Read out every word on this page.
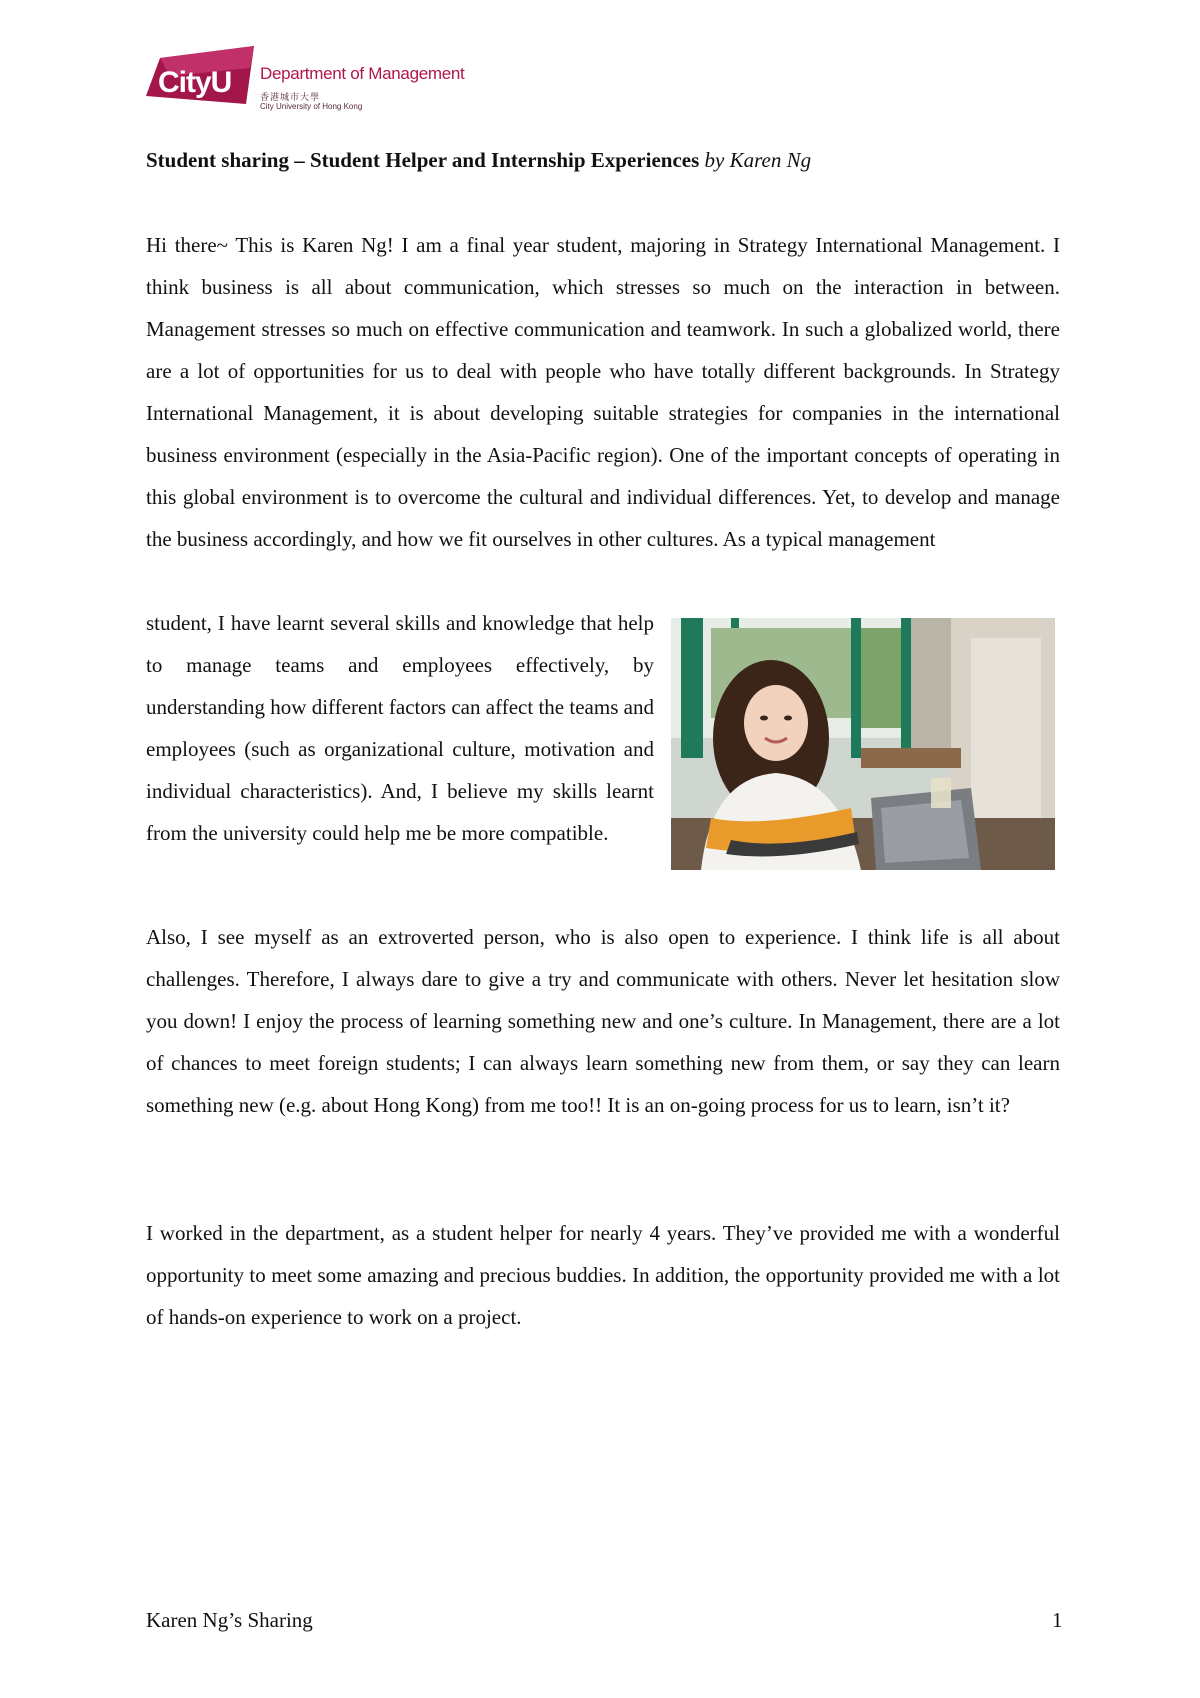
CityU Department of Management
香港城市大學
City University of Hong Kong
Student sharing – Student Helper and Internship Experiences by Karen Ng

Hi there~ This is Karen Ng! I am a final year student, majoring in Strategy International Management. I think business is all about communication, which stresses so much on the interaction in between. Management stresses so much on effective communication and teamwork. In such a globalized world, there are a lot of opportunities for us to deal with people who have totally different backgrounds. In Strategy International Management, it is about developing suitable strategies for companies in the international business environment (especially in the Asia-Pacific region). One of the important concepts of operating in this global environment is to overcome the cultural and individual differences. Yet, to develop and manage the business accordingly, and how we fit ourselves in other cultures. As a typical management

student, I have learnt several skills and knowledge that help to manage teams and employees effectively, by understanding how different factors can affect the teams and employees (such as organizational culture, motivation and individual characteristics). And, I believe my skills learnt from the university could help me be more compatible.

Also, I see myself as an extroverted person, who is also open to experience. I think life is all about challenges. Therefore, I always dare to give a try and communicate with others. Never let hesitation slow you down! I enjoy the process of learning something new and one’s culture. In Management, there are a lot of chances to meet foreign students; I can always learn something new from them, or say they can learn something new (e.g. about Hong Kong) from me too!! It is an on-going process for us to learn, isn’t it?

I worked in the department, as a student helper for nearly 4 years. They’ve provided me with a wonderful opportunity to meet some amazing and precious buddies. In addition, the opportunity provided me with a lot of hands-on experience to work on a project.

Karen Ng’s Sharing	1
